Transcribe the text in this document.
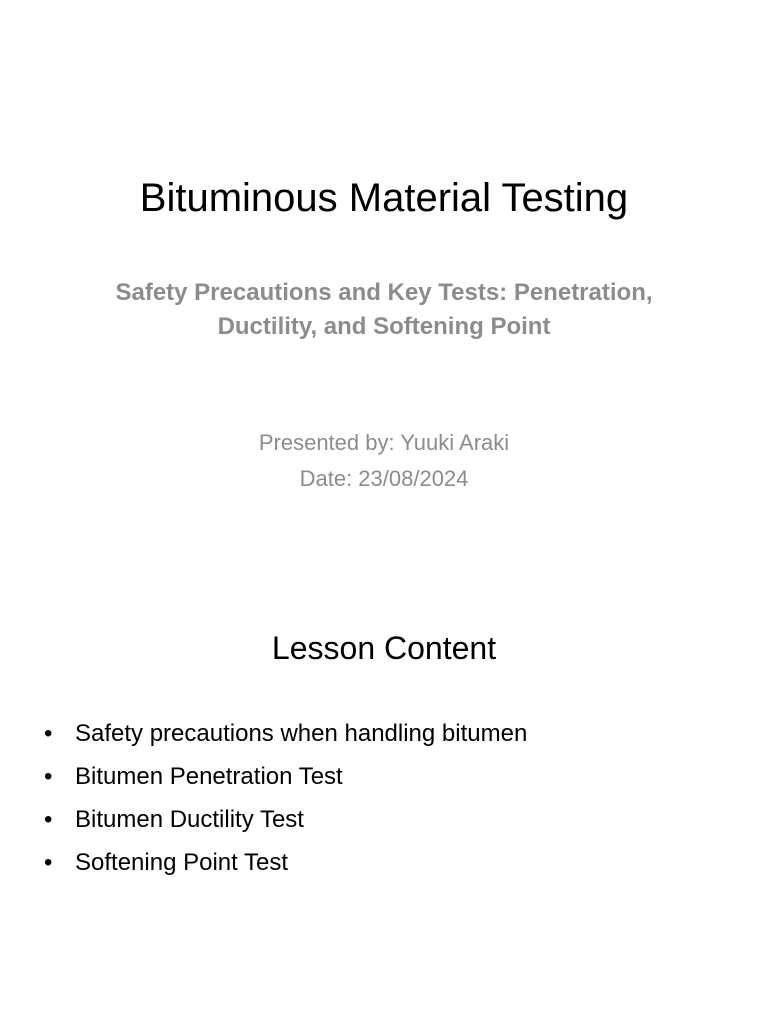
Bituminous Material Testing

Safety Precautions and Key Tests: Penetration, Ductility, and Softening Point

Presented by: Yuuki Araki

Date: 23/08/2024

Lesson Content
• Safety precautions when handling bitumen
• Bitumen Penetration Test
• Bitumen Ductility Test
• Softening Point Test
